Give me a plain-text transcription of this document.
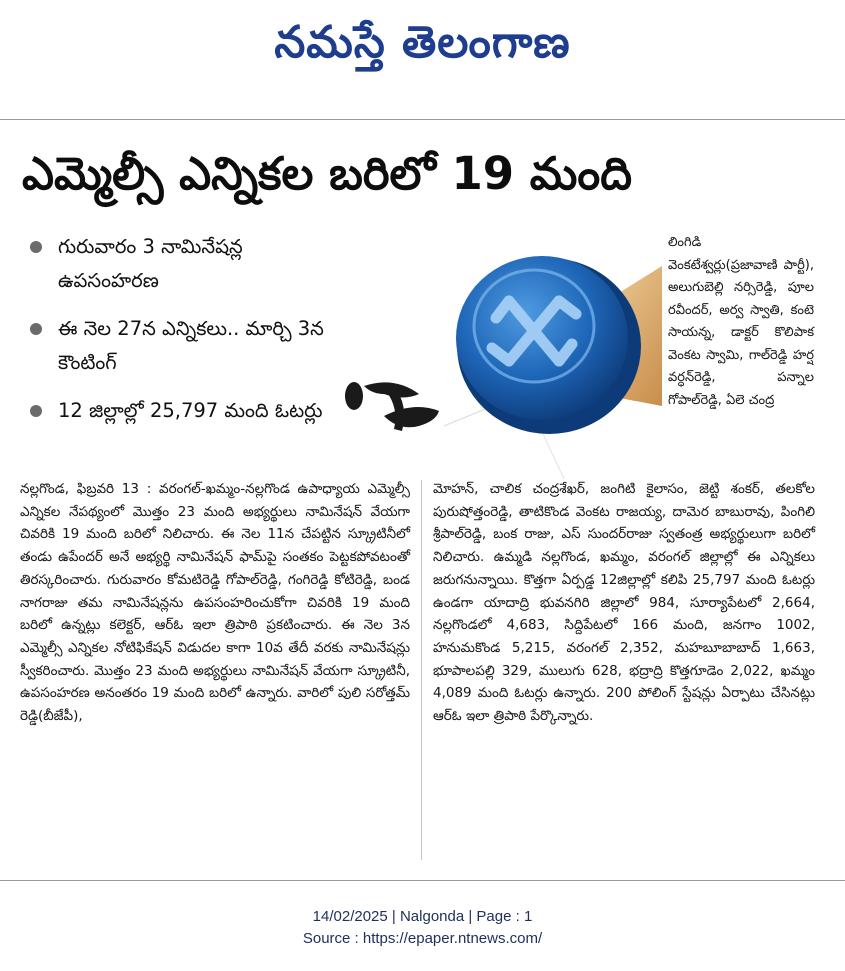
నమస్తే తెలంగాణ
ఎమ్మెల్సీ ఎన్నికల బరిలో 19 మంది
గురువారం 3 నామినేషన్ల ఉపసంహరణ
ఈ నెల 27న ఎన్నికలు.. మార్చి 3న కౌంటింగ్
12 జిల్లాల్లో 25,797 మంది ఓటర్లు
లింగిడి వెంకటేశ్వర్లు(ప్రజావాణి పార్టీ), అలుగుబెల్లి నర్సిరెడ్డి, పూల రవీందర్, అర్వ స్వాతి, కంటె సాయన్న, డాక్టర్ కొలిపాక వెంకట స్వామి, గాల్‌రెడ్డి హర్ష వర్ధన్‌రెడ్డి, పన్నాల గోపాల్‌రెడ్డి, ఏలె చంద్ర
నల్లగొండ, ఫిబ్రవరి 13 : వరంగల్‌-ఖమ్మం-నల్లగొండ ఉపాధ్యాయ ఎమ్మెల్సీ ఎన్నికల నేపథ్యంలో మొత్తం 23 మంది అభ్యర్థులు నామినేషన్ వేయగా చివరికి 19 మంది బరిలో నిలిచారు. ఈ నెల 11న చేపట్టిన స్క్రూటినీలో తండు ఉపేందర్ అనే అభ్యర్థి నామినేషన్ ఫామ్‌పై సంతకం పెట్టకపోవటంతో తిరస్కరించారు. గురువారం కోమటిరెడ్డి గోపాల్‌రెడ్డి, గంగిరెడ్డి కోటిరెడ్డి, బండ నాగరాజు తమ నామినేషన్లను ఉపసంహరించుకోగా చివరికి 19 మంది బరిలో ఉన్నట్లు కలెక్టర్, ఆర్‌ఓ ఇలా త్రిపాఠి ప్రకటించారు. ఈ నెల 3న ఎమ్మెల్సీ ఎన్నికల నోటిఫికేషన్ విడుదల కాగా 10వ తేదీ వరకు నామినేషన్లు స్వీకరించారు. మొత్తం 23 మంది అభ్యర్థులు నామినేషన్ వేయగా స్క్రూటినీ, ఉపసంహరణ అనంతరం 19 మంది బరిలో ఉన్నారు. వారిలో పులి సరోత్తమ్ రెడ్డి(బీజేపీ),
మోహన్, చాలిక చంద్రశేఖర్, జంగిటి కైలాసం, జెట్టి శంకర్, తలకోల పురుషోత్తంరెడ్డి, తాటికొండ వెంకట రాజయ్య, దామెర బాబురావు, పింగిలి శ్రీపాల్‌రెడ్డి, బంక రాజు, ఎస్ సుందర్‌రాజు స్వతంత్ర అభ్యర్థులుగా బరిలో నిలిచారు. ఉమ్మడి నల్లగొండ, ఖమ్మం, వరంగల్ జిల్లాల్లో ఈ ఎన్నికలు జరుగనున్నాయి. కొత్తగా ఏర్పడ్డ 12జిల్లాల్లో కలిపి 25,797 మంది ఓటర్లు ఉండగా యాదాద్రి భువనగిరి జిల్లాలో 984, సూర్యాపేటలో 2,664, నల్లగొండలో 4,683, సిద్దిపేటలో 166 మంది, జనగాం 1002, హనుమకొండ 5,215, వరంగల్ 2,352, మహబూబాబాద్ 1,663, భూపాలపల్లి 329, ములుగు 628, భద్రాద్రి కొత్తగూడెం 2,022, ఖమ్మం 4,089 మంది ఓటర్లు ఉన్నారు. 200 పోలింగ్ స్టేషన్లు ఏర్పాటు చేసినట్లు ఆర్‌ఓ ఇలా త్రిపాఠి పేర్కొన్నారు.
14/02/2025 | Nalgonda | Page : 1
Source : https://epaper.ntnews.com/
